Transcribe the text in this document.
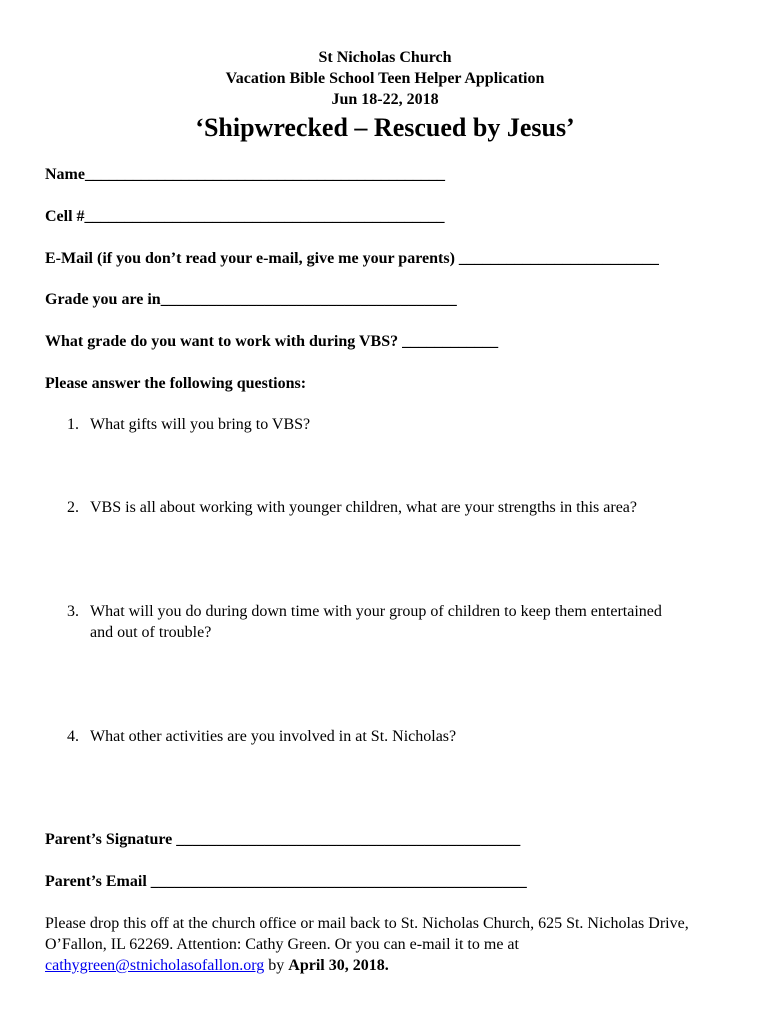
St Nicholas Church
Vacation Bible School Teen Helper Application
Jun 18-22, 2018
‘Shipwrecked – Rescued by Jesus’
Name_____________________________________________
Cell #_____________________________________________
E-Mail (if you don’t read your e-mail, give me your parents) _________________________
Grade you are in_____________________________________
What grade do you want to work with during VBS? ____________
Please answer the following questions:
1. What gifts will you bring to VBS?
2. VBS is all about working with younger children, what are your strengths in this area?
3. What will you do during down time with your group of children to keep them entertained
and out of trouble?
4. What other activities are you involved in at St. Nicholas?
Parent’s Signature ___________________________________________
Parent’s Email _______________________________________________
Please drop this off at the church office or mail back to St. Nicholas Church, 625 St. Nicholas Drive, O’Fallon, IL 62269. Attention: Cathy Green. Or you can e-mail it to me at
cathygreen@stnicholasofallon.org by April 30, 2018.
